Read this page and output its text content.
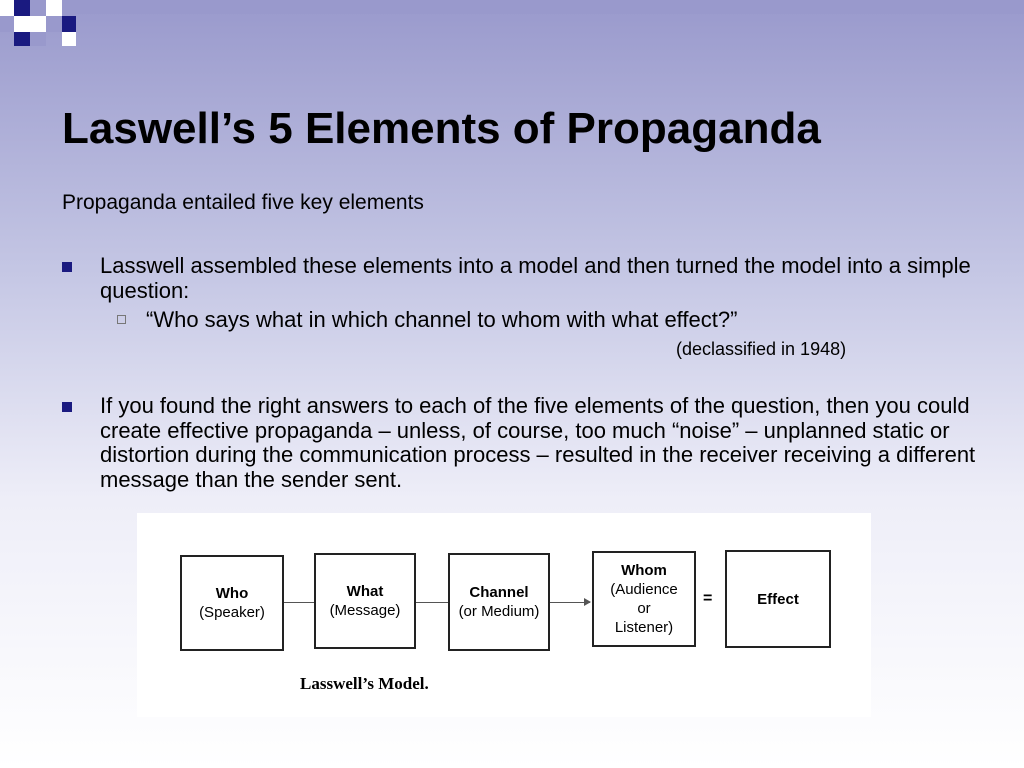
Laswell’s 5 Elements of Propaganda

Propaganda entailed five key elements

Lasswell assembled these elements into a model and then turned the model into a simple question:
“Who says what in which channel to whom with what effect?”
(declassified in 1948)
If you found the right answers to each of the five elements of the question, then you could create effective propaganda – unless, of course, too much “noise” – unplanned static or distortion during the communication process – resulted in the receiver receiving a different message than the sender sent.
Who
(Speaker)
What
(Message)
Channel
(or Medium)
Whom
(Audience
or
Listener)
=	Effect
Lasswell’s Model.
